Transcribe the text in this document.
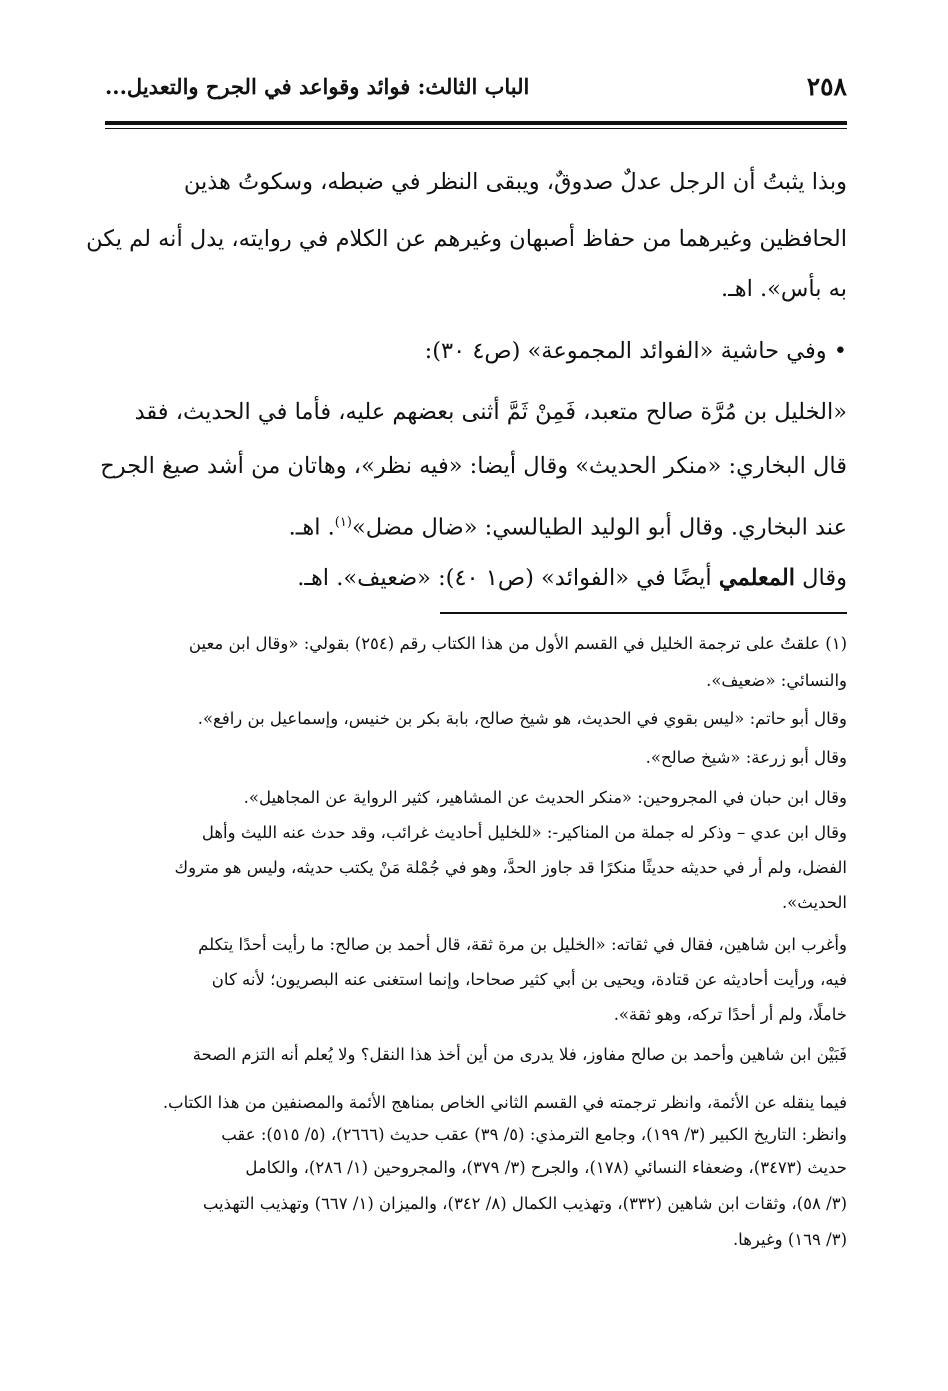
٢٥٨
الباب الثالث: فوائد وقواعد في الجرح والتعديل...
وبذا يثبتُ أن الرجل عدلٌ صدوقٌ، ويبقى النظر في ضبطه، وسكوتُ هذين
الحافظين وغيرهما من حفاظ أصبهان وغيرهم عن الكلام في روايته، يدل أنه لم يكن
به بأس». اهـ.
• وفي حاشية «الفوائد المجموعة» (ص٤ ٣٠):
«الخليل بن مُرَّة صالح متعبد، فَمِنْ ثَمَّ أثنى بعضهم عليه، فأما في الحديث، فقد
قال البخاري: «منكر الحديث» وقال أيضا: «فيه نظر»، وهاتان من أشد صيغ الجرح
عند البخاري. وقال أبو الوليد الطيالسي: «ضال مضل»$^{(١)}$. اهـ.
وقال المعلمي أيضًا في «الفوائد» (ص١ ٤٠): «ضعيف». اهـ.
(١) علقتُ على ترجمة الخليل في القسم الأول من هذا الكتاب رقم (٢٥٤) بقولي: «وقال ابن معين
والنسائي: «ضعيف».
وقال أبو حاتم: «ليس بقوي في الحديث، هو شيخ صالح، بابة بكر بن خنيس، وإسماعيل بن رافع».
وقال أبو زرعة: «شيخ صالح».
وقال ابن حبان في المجروحين: «منكر الحديث عن المشاهير، كثير الرواية عن المجاهيل».
وقال ابن عدي – وذكر له جملة من المناكير-: «للخليل أحاديث غرائب، وقد حدث عنه الليث وأهل
الفضل، ولم أر في حديثه حديثًا منكرًا قد جاوز الحدَّ، وهو في جُمْلة مَنْ يكتب حديثه، وليس هو متروك
الحديث».
وأغرب ابن شاهين، فقال في ثقاته: «الخليل بن مرة ثقة، قال أحمد بن صالح: ما رأيت أحدًا يتكلم
فيه، ورأيت أحاديثه عن قتادة، ويحيى بن أبي كثير صحاحا، وإنما استغنى عنه البصريون؛ لأنه كان
خاملًا، ولم أر أحدًا تركه، وهو ثقة».
فَبَيْن ابن شاهين وأحمد بن صالح مفاوز، فلا يدرى من أين أخذ هذا النقل؟ ولا يُعلم أنه التزم الصحة
فيما ينقله عن الأئمة، وانظر ترجمته في القسم الثاني الخاص بمناهج الأئمة والمصنفين من هذا الكتاب.
وانظر: التاريخ الكبير (٣/ ١٩٩)، وجامع الترمذي: (٥/ ٣٩) عقب حديث (٢٦٦٦)، (٥/ ٥١٥): عقب
حديث (٣٤٧٣)، وضعفاء النسائي (١٧٨)، والجرح (٣/ ٣٧٩)، والمجروحين (١/ ٢٨٦)، والكامل
(٣/ ٥٨)، وثقات ابن شاهين (٣٣٢)، وتهذيب الكمال (٨/ ٣٤٢)، والميزان (١/ ٦٦٧) وتهذيب التهذيب
(٣/ ١٦٩) وغيرها.
